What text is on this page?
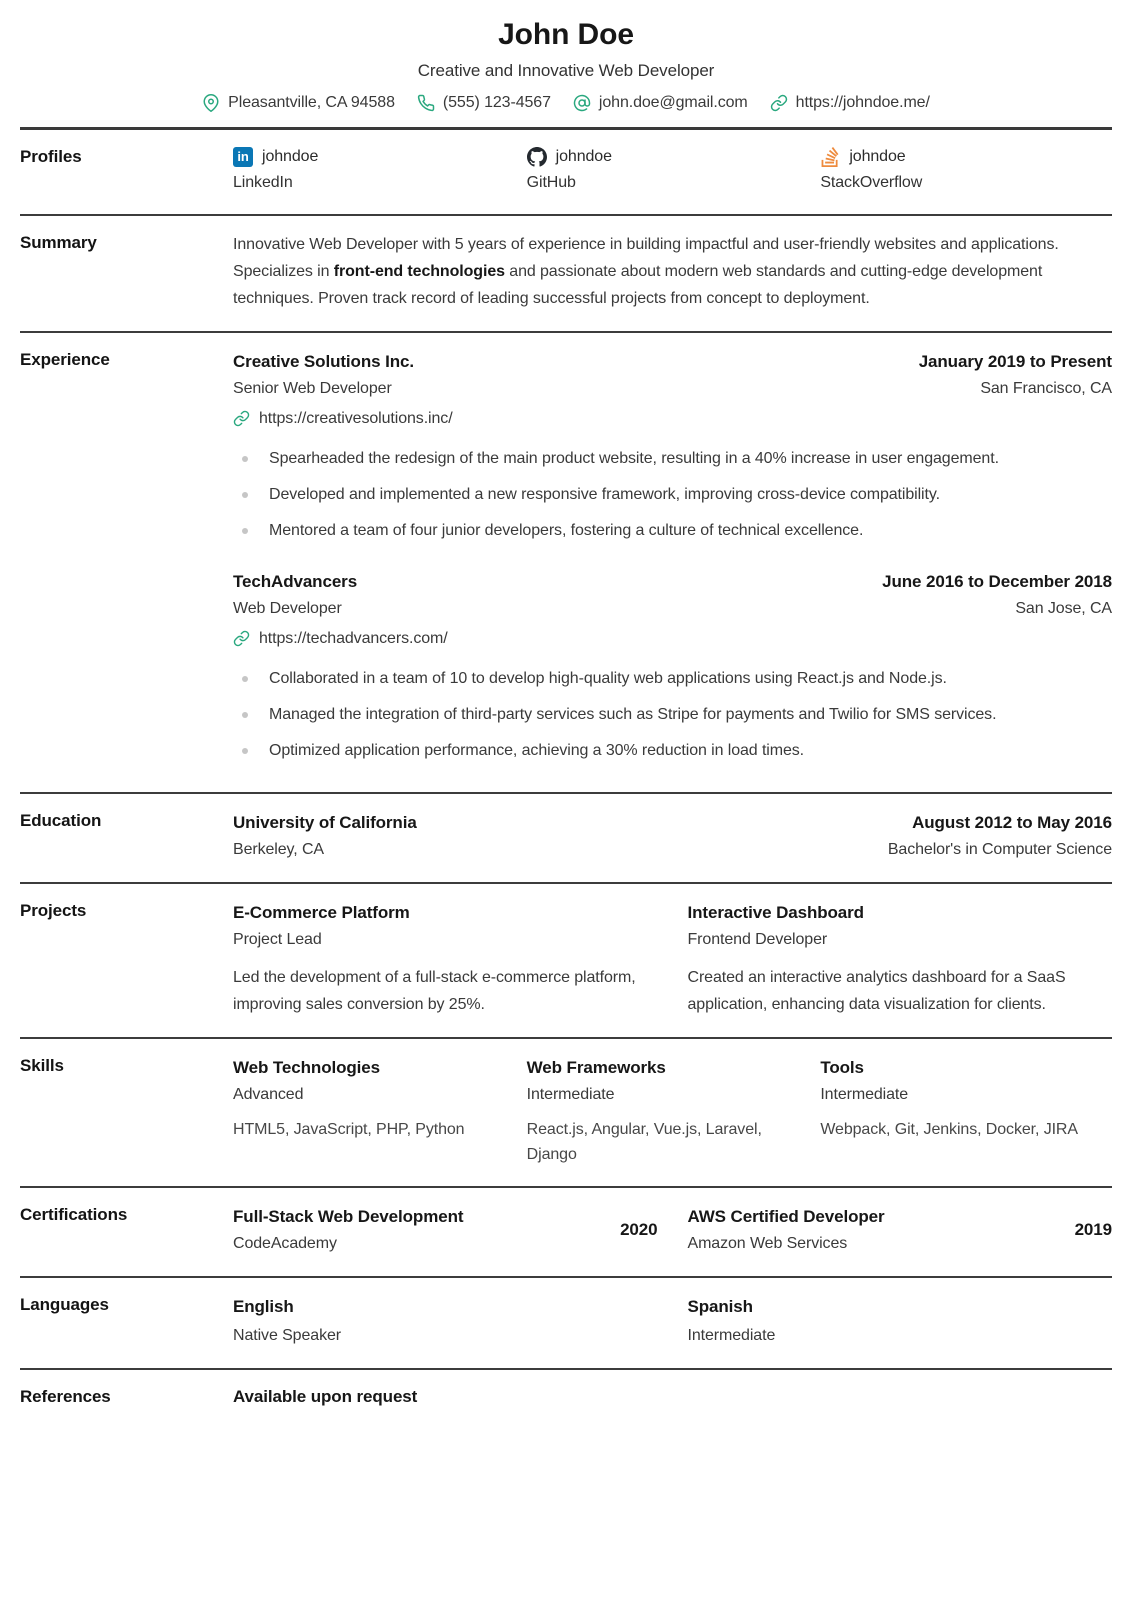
John Doe
Creative and Innovative Web Developer
Pleasantville, CA 94588	(555) 123-4567	john.doe@gmail.com	https://johndoe.me/
Profiles	in johndoe
LinkedIn
johndoe
GitHub
johndoe
StackOverflow
Summary	Innovative Web Developer with 5 years of experience in building impactful and user-friendly websites and applications. Specializes in front-end technologies and passionate about modern web standards and cutting-edge development techniques. Proven track record of leading successful projects from concept to deployment.
Experience	Creative Solutions Inc.	January 2019 to Present
Senior Web Developer	San Francisco, CA
https://creativesolutions.inc/
Spearheaded the redesign of the main product website, resulting in a 40% increase in user engagement.
Developed and implemented a new responsive framework, improving cross-device compatibility.
Mentored a team of four junior developers, fostering a culture of technical excellence.
TechAdvancers	June 2016 to December 2018
Web Developer	San Jose, CA
https://techadvancers.com/
Collaborated in a team of 10 to develop high-quality web applications using React.js and Node.js.
Managed the integration of third-party services such as Stripe for payments and Twilio for SMS services.
Optimized application performance, achieving a 30% reduction in load times.
Education	University of California	August 2012 to May 2016
Berkeley, CA	Bachelor's in Computer Science
Projects	E-Commerce Platform
Project Lead
Led the development of a full-stack e-commerce platform, improving sales conversion by 25%.
Interactive Dashboard
Frontend Developer
Created an interactive analytics dashboard for a SaaS application, enhancing data visualization for clients.
Skills	Web Technologies
Advanced
HTML5, JavaScript, PHP, Python
Web Frameworks
Intermediate
React.js, Angular, Vue.js, Laravel, Django
Tools
Intermediate
Webpack, Git, Jenkins, Docker, JIRA
Certifications	Full-Stack Web Development
CodeAcademy
2020
AWS Certified Developer
Amazon Web Services
2019
Languages	English
Native Speaker
Spanish
Intermediate
References	Available upon request
